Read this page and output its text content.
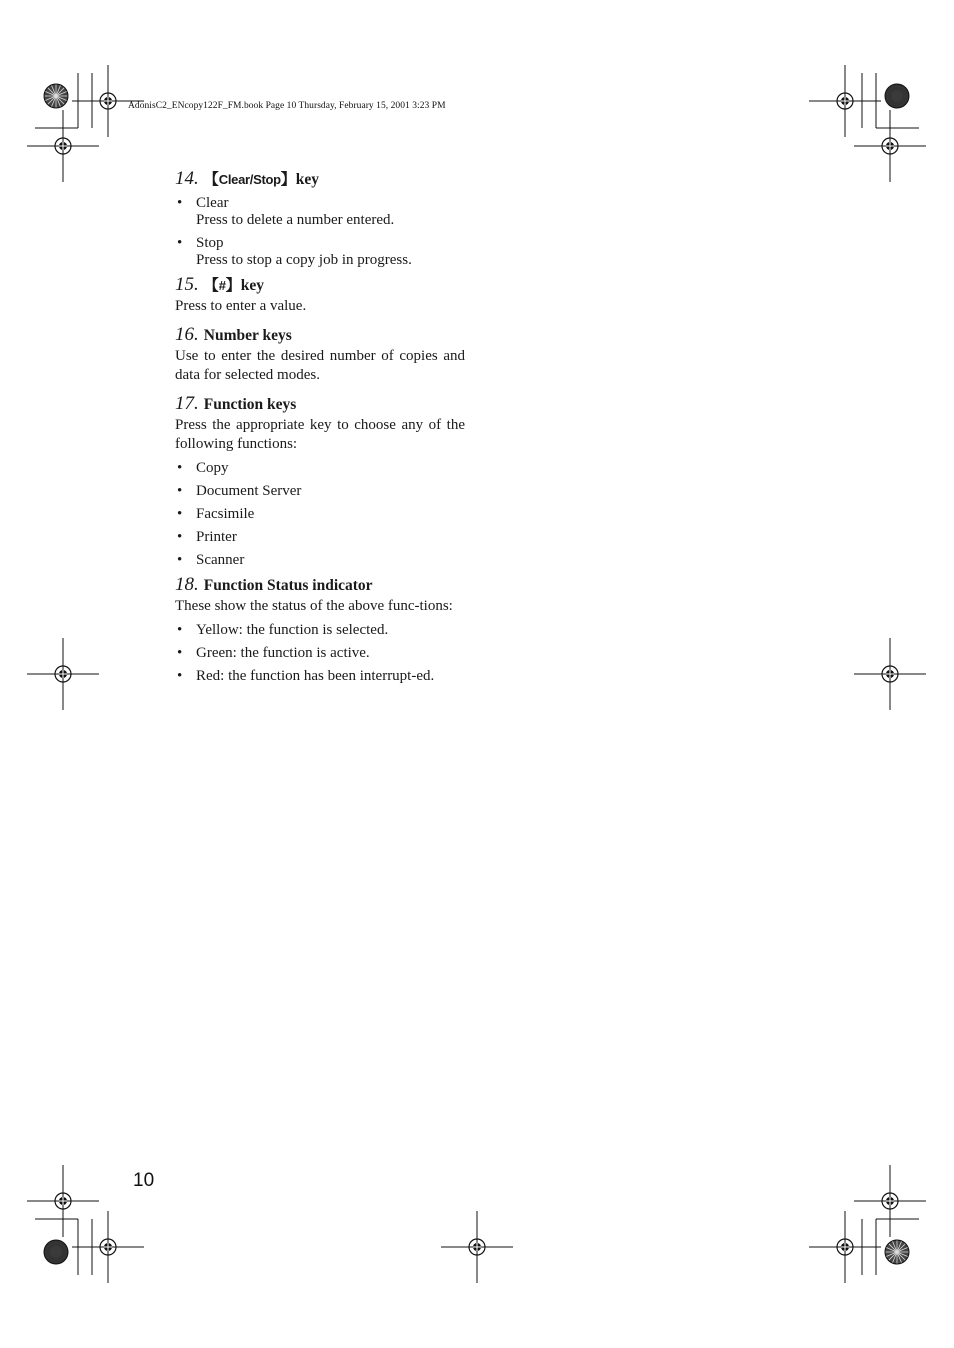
AdonisC2_ENcopy122F_FM.book Page 10 Thursday, February 15, 2001 3:23 PM
14. 【Clear/Stop】key
• Clear
Press to delete a number entered.
• Stop
Press to stop a copy job in progress.
15. 【#】key

Press to enter a value.

16. Number keys

Use to enter the desired number of copies and data for selected modes.

17. Function keys

Press the appropriate key to choose any of the following functions:

• Copy
• Document Server
• Facsimile
• Printer
• Scanner
18. Function Status indicator

These show the status of the above func-tions:

• Yellow: the function is selected.
• Green: the function is active.
• Red: the function has been interrupt-ed.
10
